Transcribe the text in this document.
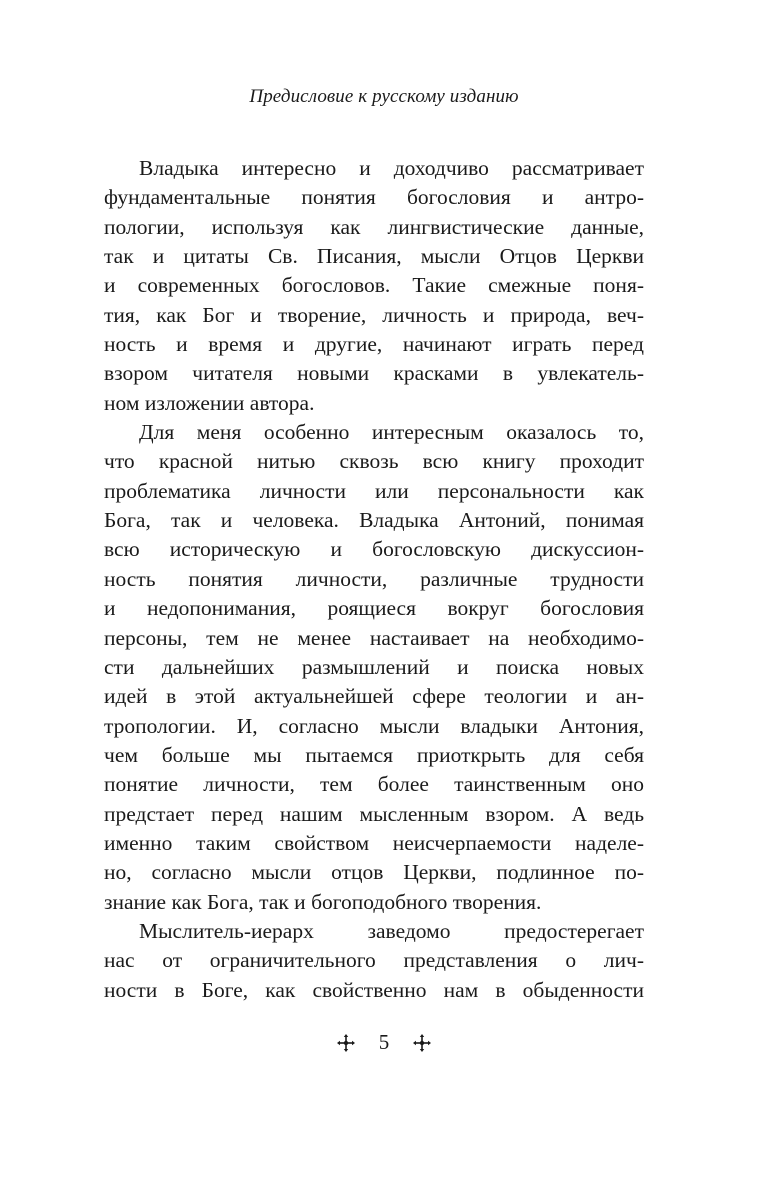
Предисловие к русскому изданию
Владыка интересно и доходчиво рассматривает
фундаментальные понятия богословия и антро-
пологии, используя как лингвистические данные,
так и цитаты Св. Писания, мысли Отцов Церкви
и современных богословов. Такие смежные поня-
тия, как Бог и творение, личность и природа, веч-
ность и время и другие, начинают играть перед
взором читателя новыми красками в увлекатель-
ном изложении автора.
Для меня особенно интересным оказалось то,
что красной нитью сквозь всю книгу проходит
проблематика личности или персональности как
Бога, так и человека. Владыка Антоний, понимая
всю историческую и богословскую дискуссион-
ность понятия личности, различные трудности
и недопонимания, роящиеся вокруг богословия
персоны, тем не менее настаивает на необходимо-
сти дальнейших размышлений и поиска новых
идей в этой актуальнейшей сфере теологии и ан-
тропологии. И, согласно мысли владыки Антония,
чем больше мы пытаемся приоткрыть для себя
понятие личности, тем более таинственным оно
предстает перед нашим мысленным взором. А ведь
именно таким свойством неисчерпаемости наделе-
но, согласно мысли отцов Церкви, подлинное по-
знание как Бога, так и богоподобного творения.
Мыслитель-иерарх заведомо предостерегает
нас от ограничительного представления о лич-
ности в Боге, как свойственно нам в обыденности
5
